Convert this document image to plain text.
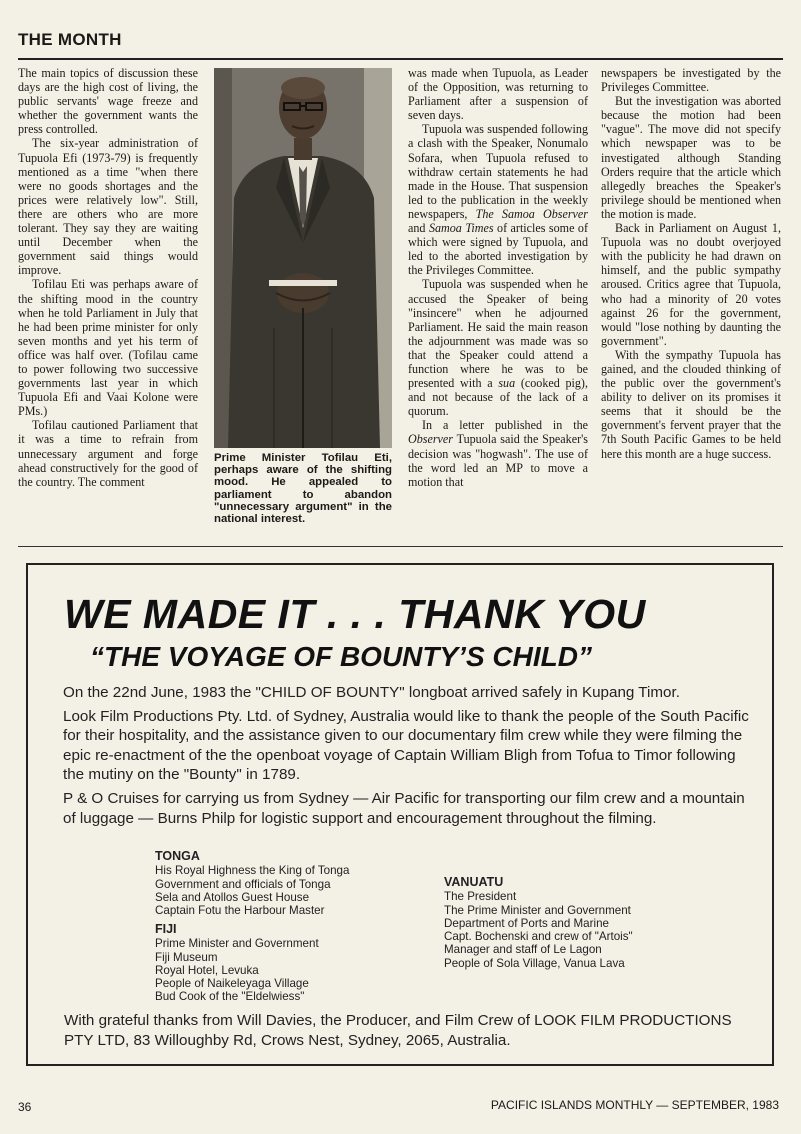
THE MONTH

The main topics of discussion these days are the high cost of living, the public servants' wage freeze and whether the government wants the press controlled.

The six-year administration of Tupuola Efi (1973-79) is frequently mentioned as a time "when there were no goods shortages and the prices were relatively low". Still, there are others who are more tolerant. They say they are waiting until December when the government said things would improve.

Tofilau Eti was perhaps aware of the shifting mood in the country when he told Parliament in July that he had been prime minister for only seven months and yet his term of office was half over. (Tofilau came to power following two successive governments last year in which Tupuola Efi and Vaai Kolone were PMs.)

Tofilau cautioned Parliament that it was a time to refrain from unnecessary argument and forge ahead constructively for the good of the country. The comment

Prime Minister Tofilau Eti, perhaps aware of the shifting mood. He appealed to parliament to abandon "unnecessary argument" in the national interest.

was made when Tupuola, as Leader of the Opposition, was returning to Parliament after a suspension of seven days.

Tupuola was suspended following a clash with the Speaker, Nonumalo Sofara, when Tupuola refused to withdraw certain statements he had made in the House. That suspension led to the publication in the weekly newspapers, The Samoa Observer and Samoa Times of articles some of which were signed by Tupuola, and led to the aborted investigation by the Privileges Committee.

Tupuola was suspended when he accused the Speaker of being "insincere" when he adjourned Parliament. He said the main reason the adjournment was made was so that the Speaker could attend a function where he was to be presented with a sua (cooked pig), and not because of the lack of a quorum.

In a letter published in the Observer Tupuola said the Speaker's decision was "hogwash". The use of the word led an MP to move a motion that

newspapers be investigated by the Privileges Committee.

But the investigation was aborted because the motion had been "vague". The move did not specify which newspaper was to be investigated although Standing Orders require that the article which allegedly breaches the Speaker's privilege should be mentioned when the motion is made.

Back in Parliament on August 1, Tupuola was no doubt overjoyed with the publicity he had drawn on himself, and the public sympathy aroused. Critics agree that Tupuola, who had a minority of 20 votes against 26 for the government, would "lose nothing by daunting the government".

With the sympathy Tupuola has gained, and the clouded thinking of the public over the government's ability to deliver on its promises it seems that it should be the government's fervent prayer that the 7th South Pacific Games to be held here this month are a huge success.

WE MADE IT . . . THANK YOU
“THE VOYAGE OF BOUNTY’S CHILD”

On the 22nd June, 1983 the "CHILD OF BOUNTY" longboat arrived safely in Kupang Timor.

Look Film Productions Pty. Ltd. of Sydney, Australia would like to thank the people of the South Pacific for their hospitality, and the assistance given to our documentary film crew while they were filming the epic re-enactment of the the openboat voyage of Captain William Bligh from Tofua to Timor following the mutiny on the "Bounty" in 1789.

P & O Cruises for carrying us from Sydney — Air Pacific for transporting our film crew and a mountain of luggage — Burns Philp for logistic support and encouragement throughout the filming.

TONGA
His Royal Highness the King of Tonga
Government and officials of Tonga
Sela and Atollos Guest House
Captain Fotu the Harbour Master
FIJI
Prime Minister and Government
Fiji Museum
Royal Hotel, Levuka
People of Naikeleyaga Village
Bud Cook of the "Eldelwiess"
VANUATU
The President
The Prime Minister and Government
Department of Ports and Marine
Capt. Bochenski and crew of "Artois"
Manager and staff of Le Lagon
People of Sola Village, Vanua Lava
With grateful thanks from Will Davies, the Producer, and Film Crew of LOOK FILM PRODUCTIONS PTY LTD, 83 Willoughby Rd, Crows Nest, Sydney, 2065, Australia.
36	PACIFIC ISLANDS MONTHLY — SEPTEMBER, 1983
